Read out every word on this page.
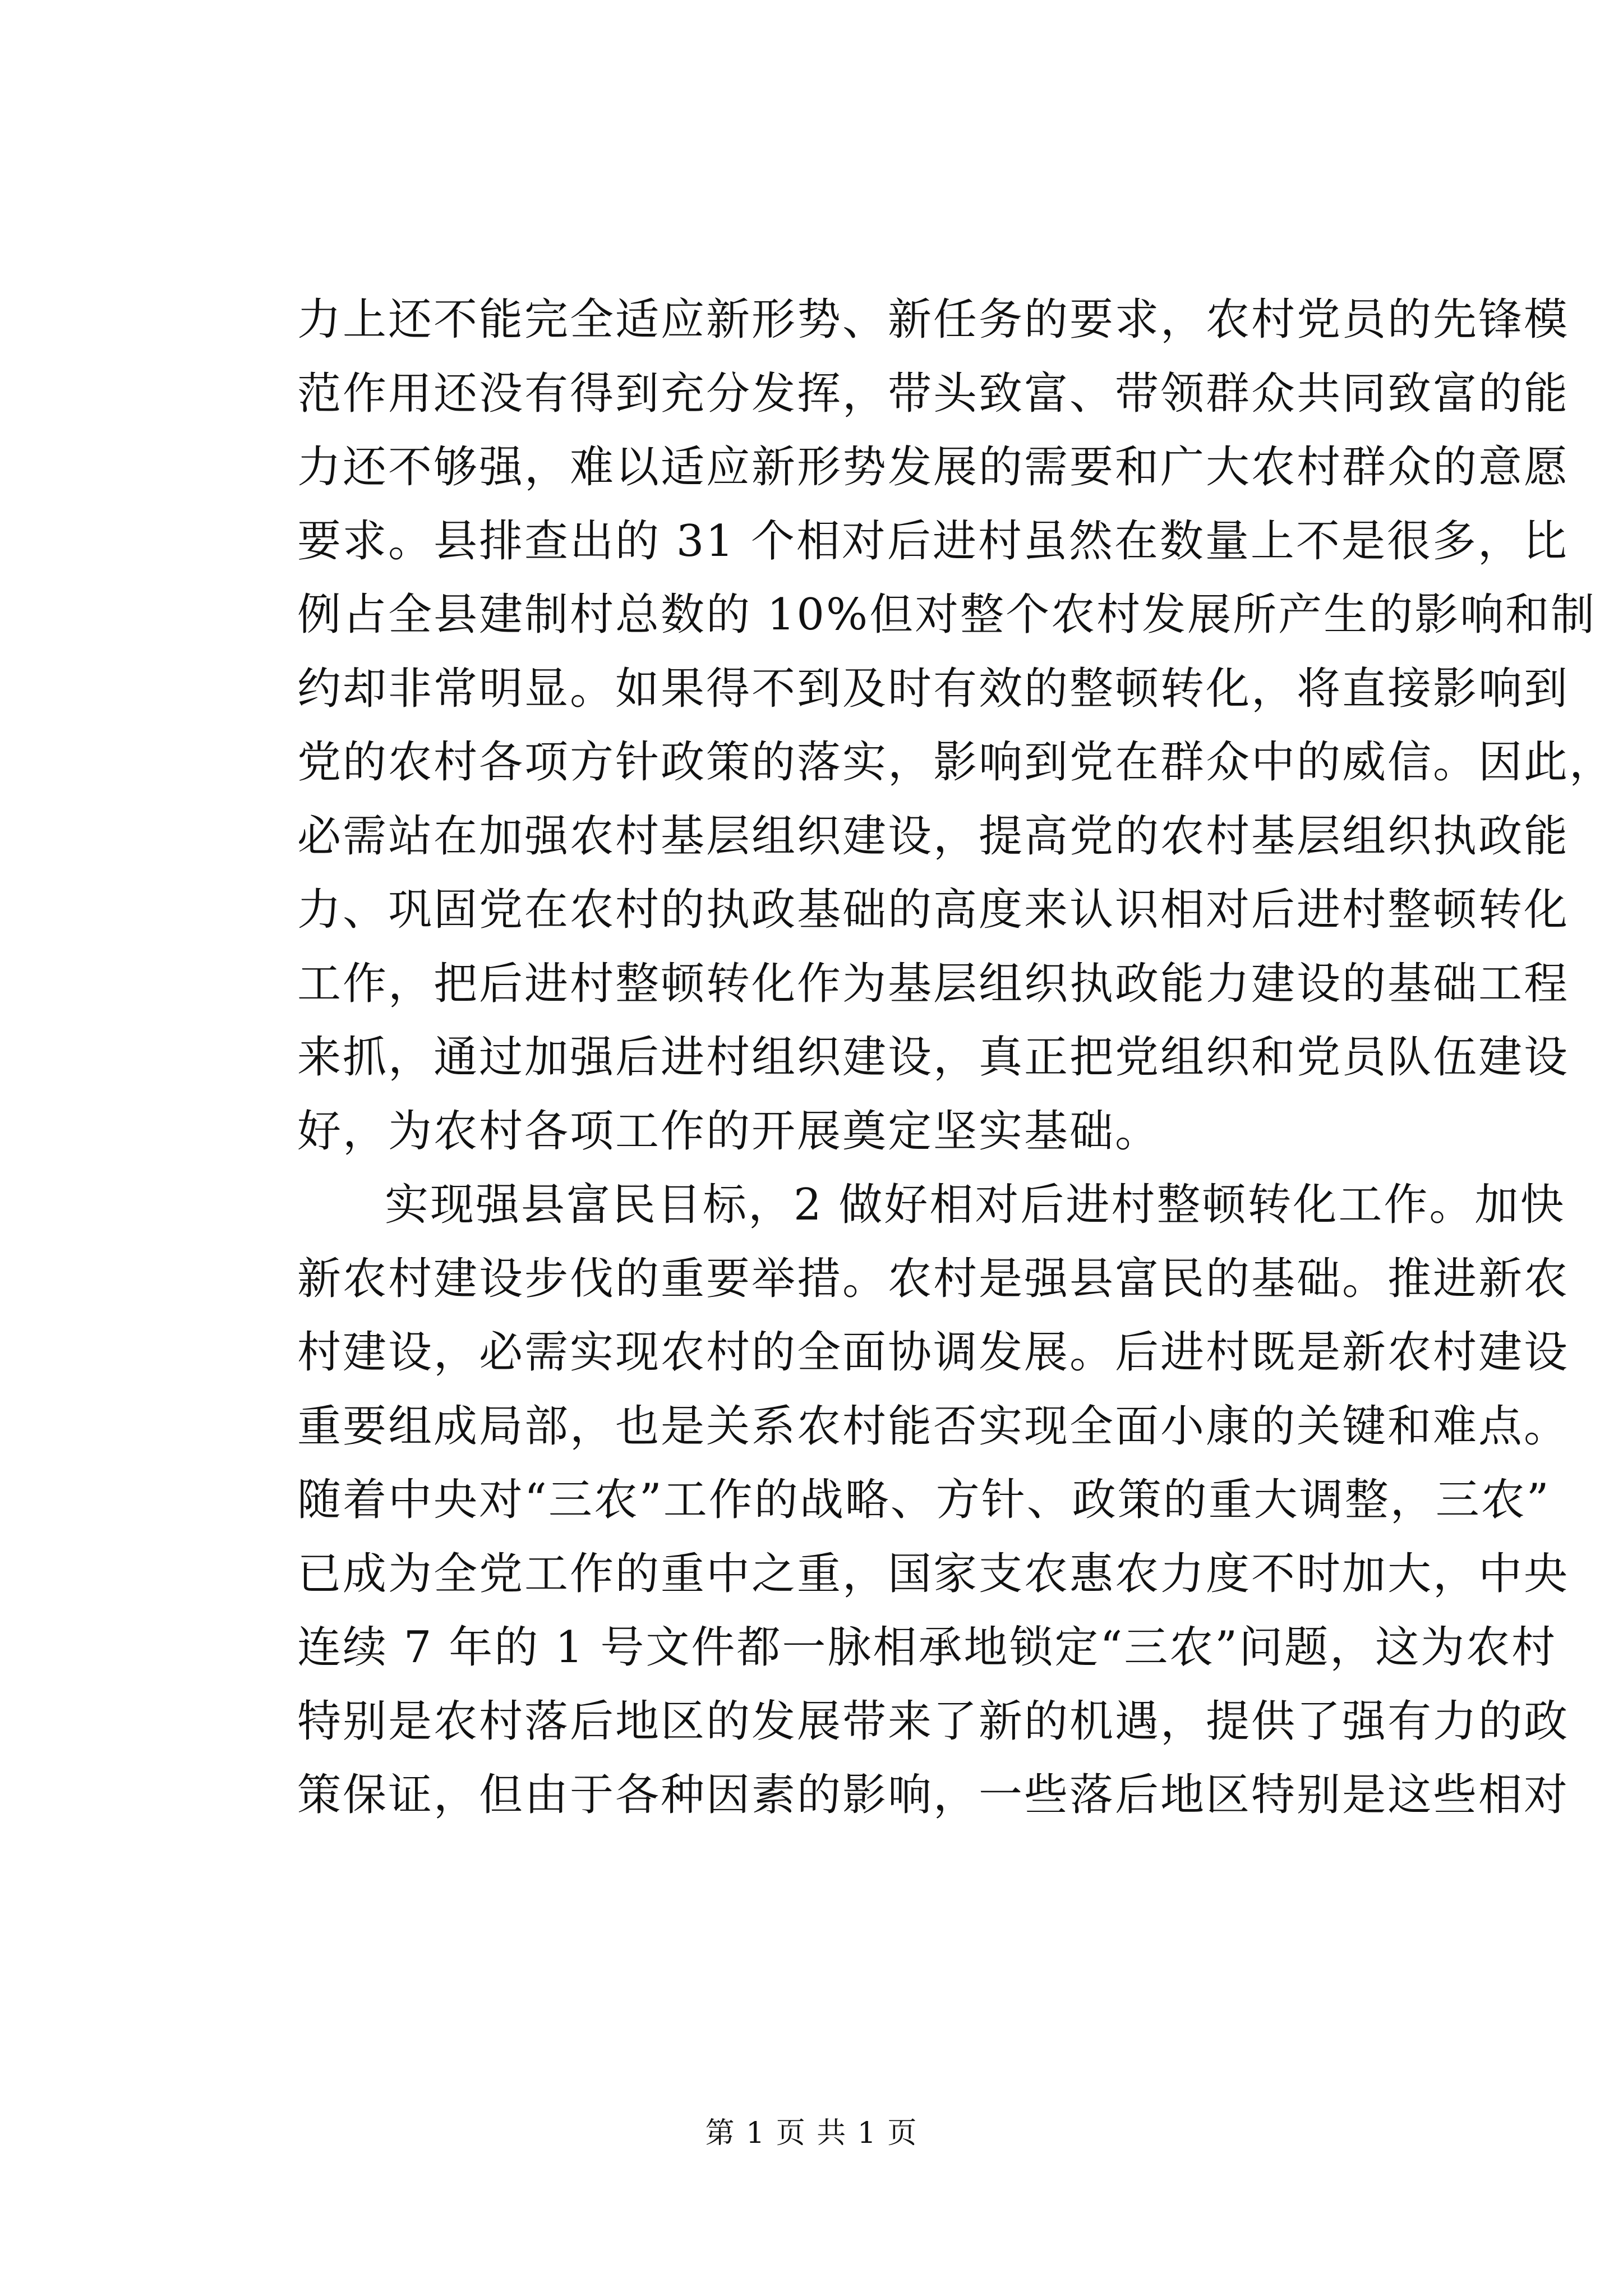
力上还不能完全适应新形势、新任务的要求，农村党员的先锋模
范作用还没有得到充分发挥，带头致富、带领群众共同致富的能
力还不够强，难以适应新形势发展的需要和广大农村群众的意愿
要求。县排查出的 31 个相对后进村虽然在数量上不是很多，比
例占全县建制村总数的 10%但对整个农村发展所产生的影响和制
约却非常明显。如果得不到及时有效的整顿转化，将直接影响到
党的农村各项方针政策的落实，影响到党在群众中的威信。因此，
必需站在加强农村基层组织建设，提高党的农村基层组织执政能
力、巩固党在农村的执政基础的高度来认识相对后进村整顿转化
工作，把后进村整顿转化作为基层组织执政能力建设的基础工程
来抓，通过加强后进村组织建设，真正把党组织和党员队伍建设
好，为农村各项工作的开展奠定坚实基础。
实现强县富民目标，2 做好相对后进村整顿转化工作。加快
新农村建设步伐的重要举措。农村是强县富民的基础。推进新农
村建设，必需实现农村的全面协调发展。后进村既是新农村建设
重要组成局部，也是关系农村能否实现全面小康的关键和难点。
随着中央对“三农”工作的战略、方针、政策的重大调整，三农”
已成为全党工作的重中之重，国家支农惠农力度不时加大，中央
连续 7 年的 1 号文件都一脉相承地锁定“三农”问题，这为农村
特别是农村落后地区的发展带来了新的机遇，提供了强有力的政
策保证，但由于各种因素的影响，一些落后地区特别是这些相对
第 1 页 共 1 页
